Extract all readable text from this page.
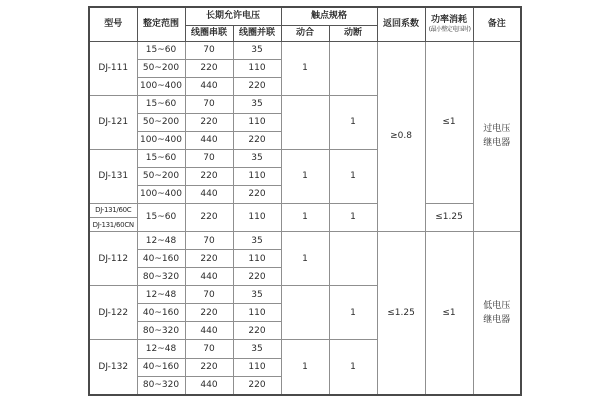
型号	整定范围	长期允许电压		触点规格		返回系数	功率消耗
(最小整定电压时)	备注
		线圈串联	线圈并联	动合	动断			
DJ-111	15~60	70	35	1		≥0.8	≤1	过电压
继电器

	50~200	220	110					
	100~400	440	220					
DJ-121	15~60	70	35		1			
	50~200	220	110					
	100~400	440	220					
DJ-131	15~60	70	35	1	1			
	50~200	220	110					
	100~400	440	220					
DJ-131/60C	15~60	220	110	1	1		≤1.25	
DJ-131/60CN								
DJ-112	12~48	70	35	1		≤1.25	≤1	低电压
继电器

	40~160	220	110					
	80~320	440	220					
DJ-122	12~48	70	35		1			
	40~160	220	110					
	80~320	440	220					
DJ-132	12~48	70	35	1	1			
	40~160	220	110					
	80~320	440	220					
